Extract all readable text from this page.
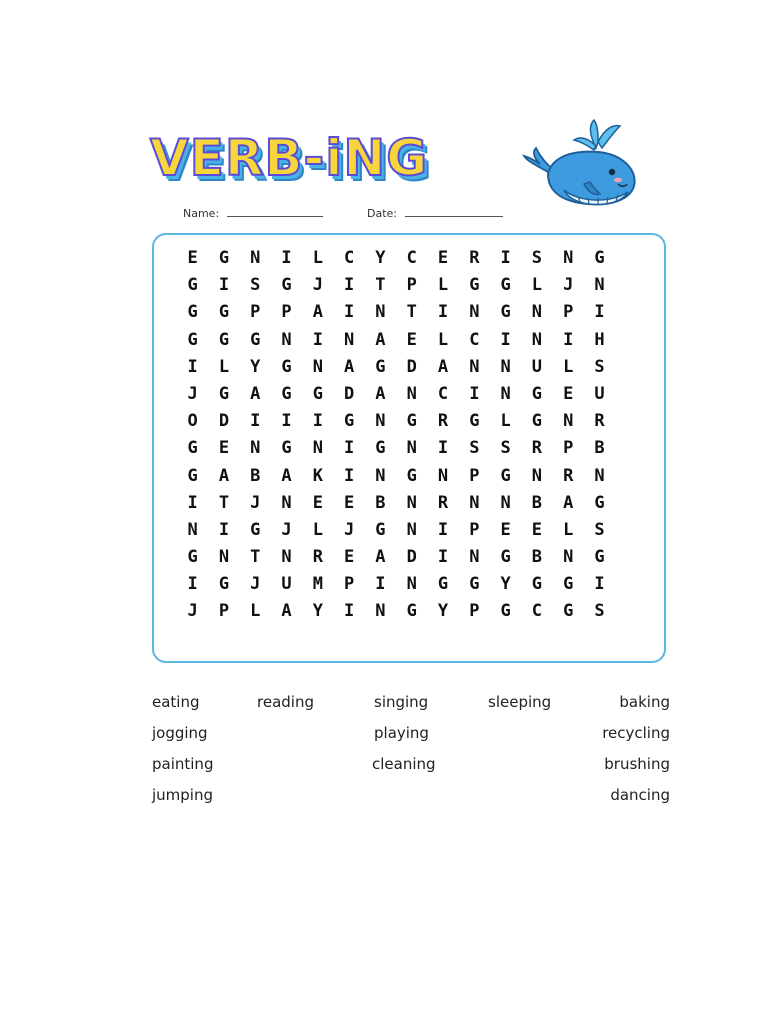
VERB-iNG
Name:	Date:
E	G	N	I	L	C	Y	C	E	R	I	S	N	G
G	I	S	G	J	I	T	P	L	G	G	L	J	N
G	G	P	P	A	I	N	T	I	N	G	N	P	I
G	G	G	N	I	N	A	E	L	C	I	N	I	H
I	L	Y	G	N	A	G	D	A	N	N	U	L	S
J	G	A	G	G	D	A	N	C	I	N	G	E	U
O	D	I	I	I	G	N	G	R	G	L	G	N	R
G	E	N	G	N	I	G	N	I	S	S	R	P	B
G	A	B	A	K	I	N	G	N	P	G	N	R	N
I	T	J	N	E	E	B	N	R	N	N	B	A	G
N	I	G	J	L	J	G	N	I	P	E	E	L	S
G	N	T	N	R	E	A	D	I	N	G	B	N	G
I	G	J	U	M	P	I	N	G	G	Y	G	G	I
J	P	L	A	Y	I	N	G	Y	P	G	C	G	S
eating
jogging
painting
jumping
reading	singing
playing
cleaning
sleeping	baking
recycling
brushing
dancing
